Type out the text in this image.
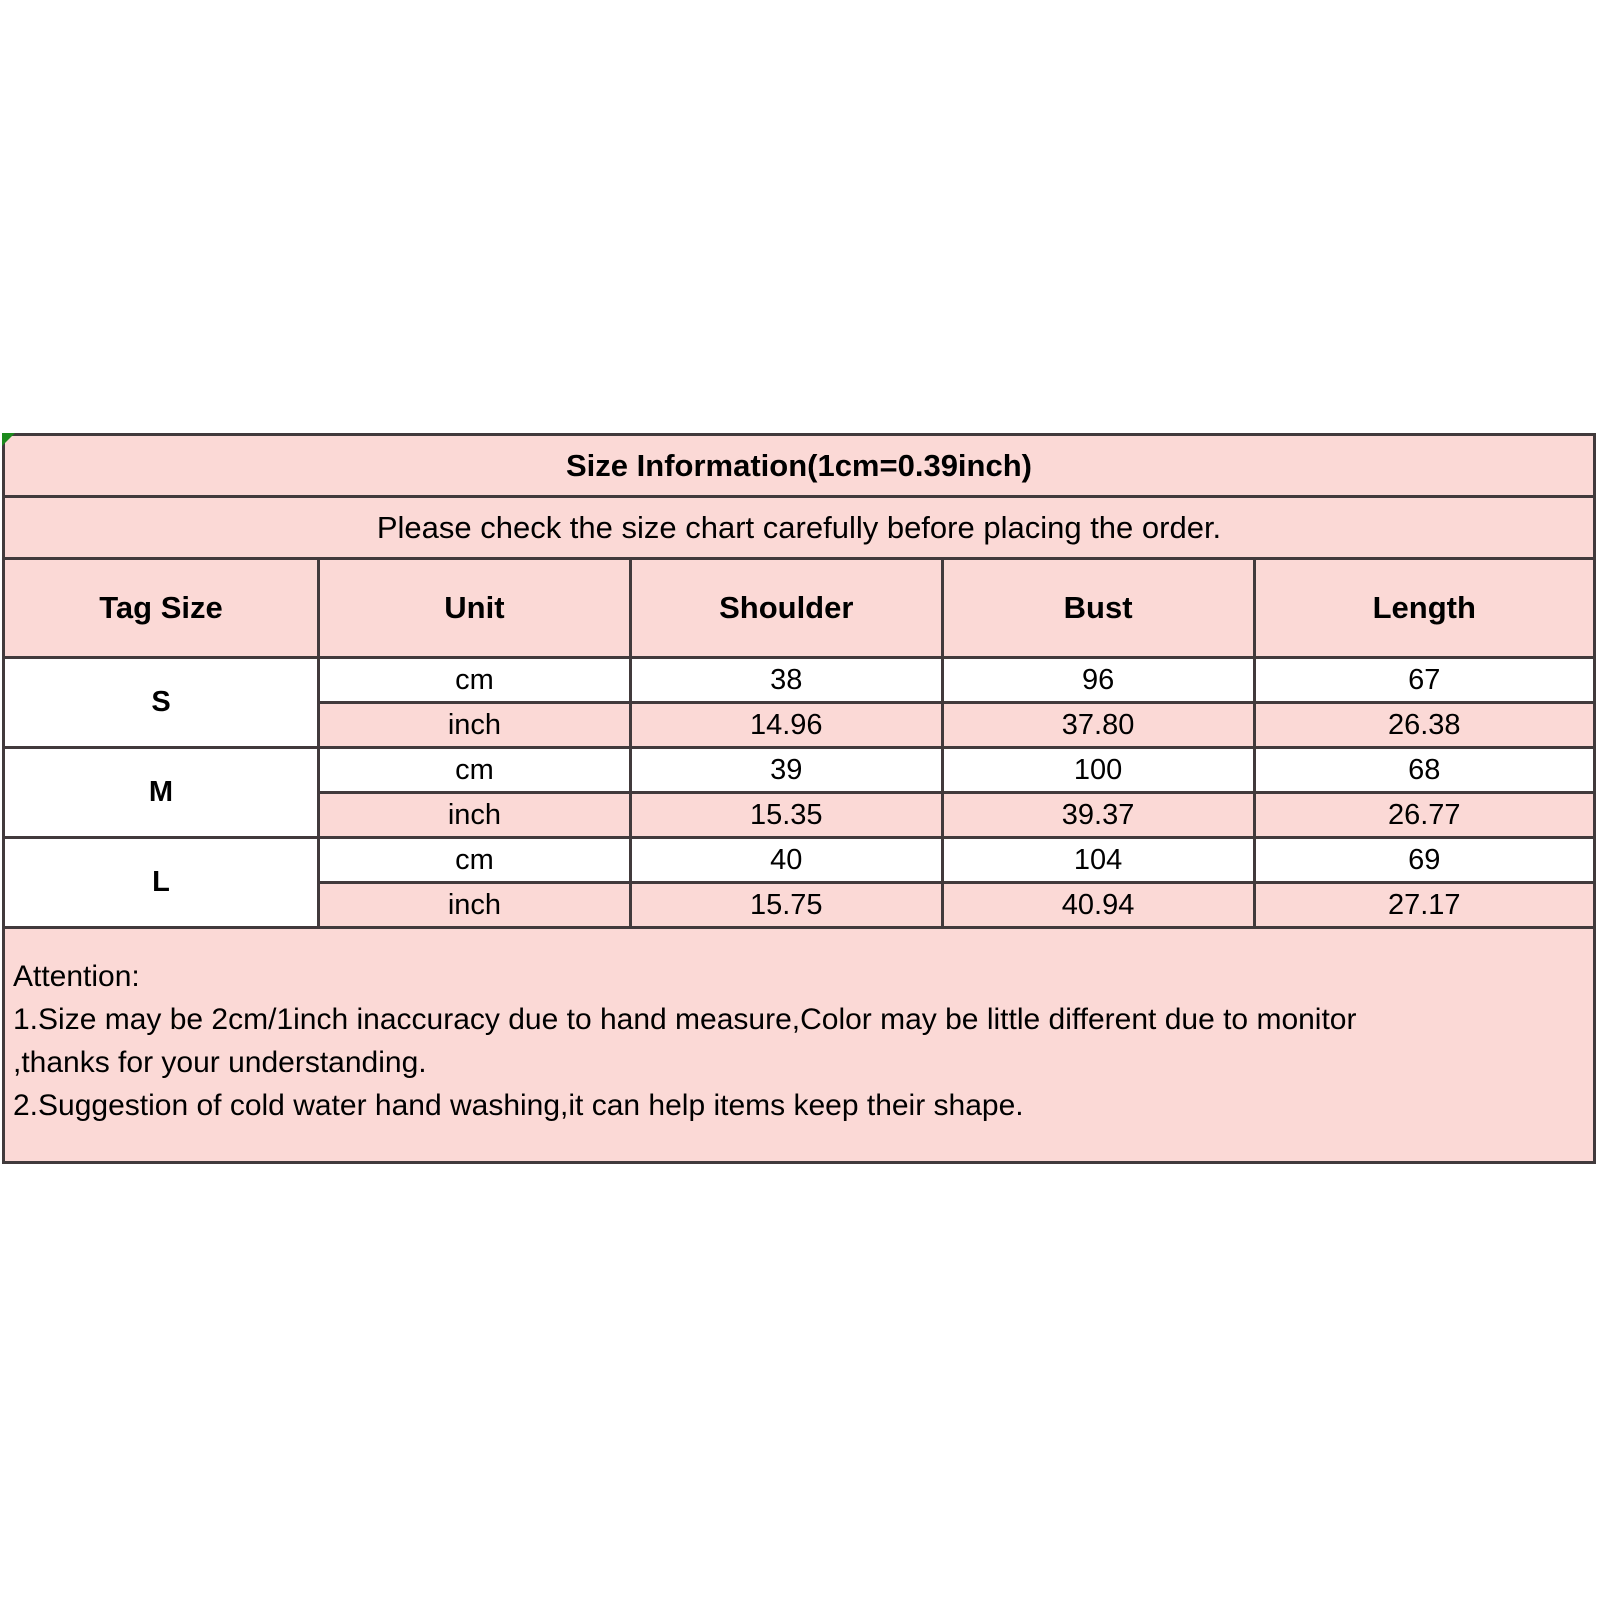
Size Information(1cm=0.39inch)				
Please check the size chart carefully before placing the order.				
Tag Size	Unit	Shoulder	Bust	Length
S	cm	38	96	67
	inch	14.96	37.80	26.38
M	cm	39	100	68
	inch	15.35	39.37	26.77
L	cm	40	104	69
	inch	15.75	40.94	27.17

Attention:
1.Size may be 2cm/1inch inaccuracy due to hand measure,Color may be little different due to monitor
,thanks for your understanding.
2.Suggestion of cold water hand washing,it can help items keep their shape.				
